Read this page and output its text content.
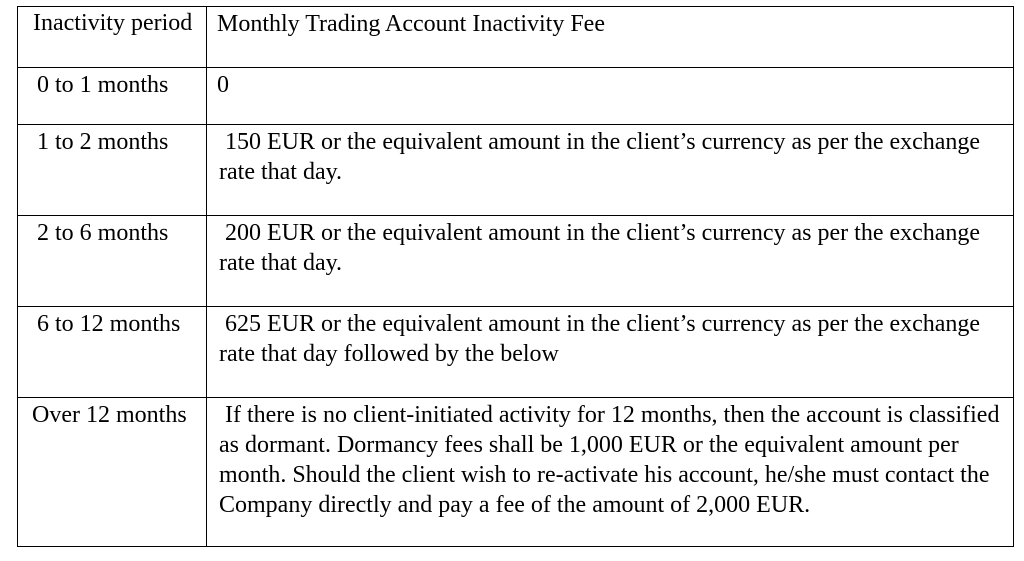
Inactivity period	Monthly Trading Account Inactivity Fee
0 to 1 months	0
1 to 2 months	150 EUR or the equivalent amount in the client’s currency as per the exchange rate that day.

2 to 6 months	200 EUR or the equivalent amount in the client’s currency as per the exchange rate that day.

6 to 12 months	625 EUR or the equivalent amount in the client’s currency as per the exchange rate that day followed by the below

Over 12 months	If there is no client-initiated activity for 12 months, then the account is classified as dormant. Dormancy fees shall be 1,000 EUR or the equivalent amount per month. Should the client wish to re-activate his account, he/she must contact the Company directly and pay a fee of the amount of 2,000 EUR.
